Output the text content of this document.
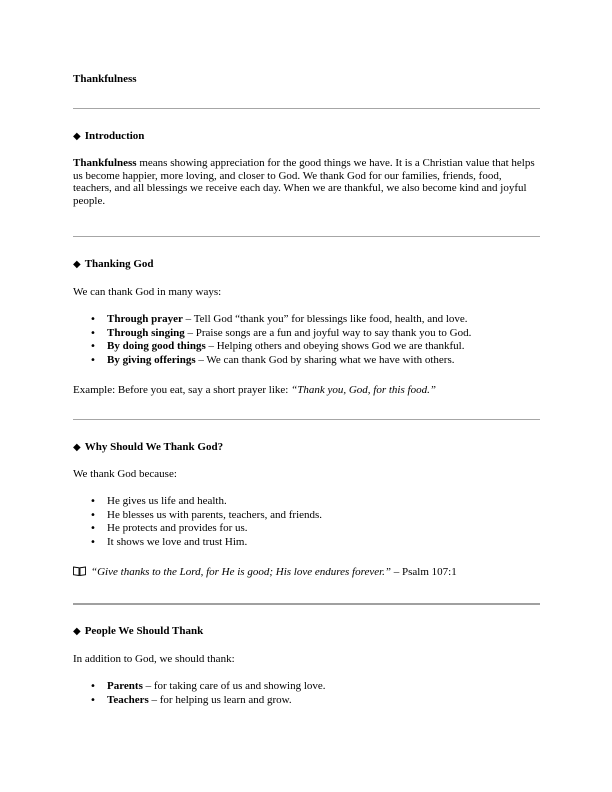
Thankfulness
◆ Introduction
Thankfulness means showing appreciation for the good things we have. It is a Christian value that helps us become happier, more loving, and closer to God. We thank God for our families, friends, food, teachers, and all blessings we receive each day. When we are thankful, we also become kind and joyful people.
◆ Thanking God
We can thank God in many ways:
• Through prayer – Tell God “thank you” for blessings like food, health, and love.
• Through singing – Praise songs are a fun and joyful way to say thank you to God.
• By doing good things – Helping others and obeying shows God we are thankful.
• By giving offerings – We can thank God by sharing what we have with others.
Example: Before you eat, say a short prayer like: “Thank you, God, for this food.”
◆ Why Should We Thank God?
We thank God because:
• He gives us life and health.
• He blesses us with parents, teachers, and friends.
• He protects and provides for us.
• It shows we love and trust Him.
“Give thanks to the Lord, for He is good; His love endures forever.” – Psalm 107:1
◆ People We Should Thank
In addition to God, we should thank:
• Parents – for taking care of us and showing love.
• Teachers – for helping us learn and grow.
